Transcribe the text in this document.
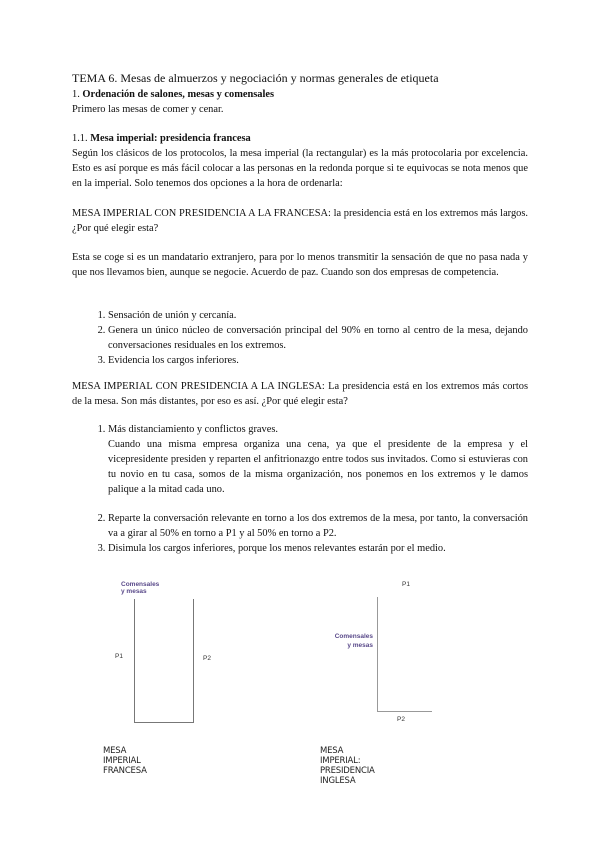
TEMA 6. Mesas de almuerzos y negociación y normas generales de etiqueta
1. Ordenación de salones, mesas y comensales
Primero las mesas de comer y cenar.
1.1. Mesa imperial: presidencia francesa
Según los clásicos de los protocolos, la mesa imperial (la rectangular) es la más protocolaria por excelencia. Esto es así porque es más fácil colocar a las personas en la redonda porque si te equivocas se nota menos que en la imperial. Solo tenemos dos opciones a la hora de ordenarla:
MESA IMPERIAL CON PRESIDENCIA A LA FRANCESA: la presidencia está en los extremos más largos. ¿Por qué elegir esta?
Esta se coge si es un mandatario extranjero, para por lo menos transmitir la sensación de que no pasa nada y que nos llevamos bien, aunque se negocie. Acuerdo de paz. Cuando son dos empresas de competencia.
1. Sensación de unión y cercanía.
2. Genera un único núcleo de conversación principal del 90% en torno al centro de la mesa, dejando conversaciones residuales en los extremos.
3. Evidencia los cargos inferiores.
MESA IMPERIAL CON PRESIDENCIA A LA INGLESA: La presidencia está en los extremos más cortos de la mesa. Son más distantes, por eso es así. ¿Por qué elegir esta?
1. Más distanciamiento y conflictos graves.
Cuando una misma empresa organiza una cena, ya que el presidente de la empresa y el vicepresidente presiden y reparten el anfitrionazgo entre todos sus invitados. Como si estuvieras con tu novio en tu casa, somos de la misma organización, nos ponemos en los extremos y le damos palique a la mitad cada uno.
2. Reparte la conversación relevante en torno a los dos extremos de la mesa, por tanto, la conversación va a girar al 50% en torno a P1 y al 50% en torno a P2.
3. Disimula los cargos inferiores, porque los menos relevantes estarán por el medio.
Comensales y mesas
P1	P2
MESA IMPERIAL FRANCESA
P1
Comensales
y mesas
P2
MESA IMPERIAL: PRESIDENCIA INGLESA
